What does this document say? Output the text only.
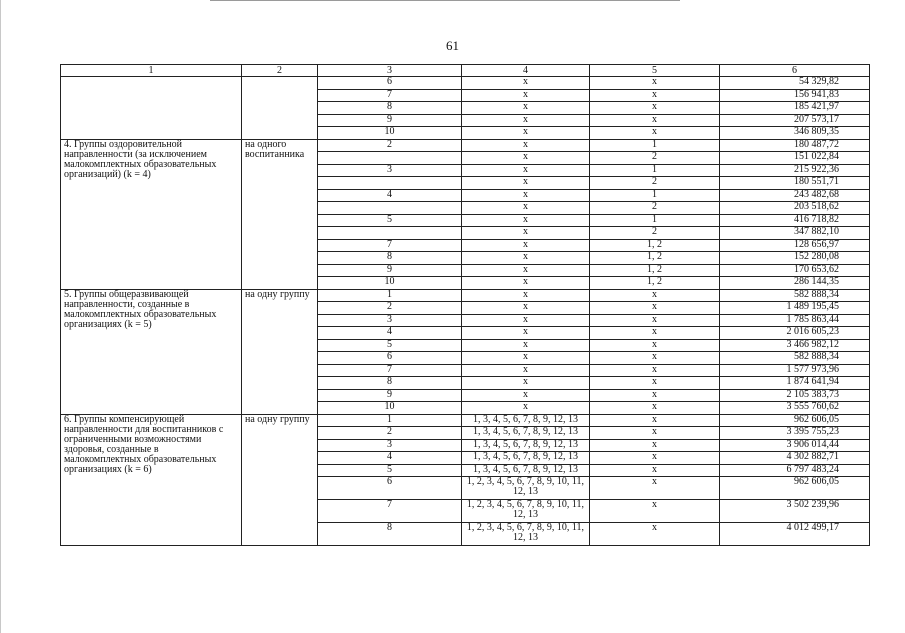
61
1	2	3	4	5	6
		6	x	x	54 329,82
		7	x	x	156 941,83
		8	x	x	185 421,97
		9	x	x	207 573,17
		10	x	x	346 809,35
4. Группы оздоровительной направленности (за исключением малокомплектных образовательных организаций) (k = 4)	на одного воспитанника	2	x	1	180 487,72
			x	2	151 022,84
		3	x	1	215 922,36
			x	2	180 551,71
		4	x	1	243 482,68
			x	2	203 518,62
		5	x	1	416 718,82
			x	2	347 882,10
		7	x	1, 2	128 656,97
		8	x	1, 2	152 280,08
		9	x	1, 2	170 653,62
		10	x	1, 2	286 144,35
5. Группы общеразвивающей направленности, созданные в малокомплектных образовательных организациях (k = 5)	на одну группу	1	x	x	582 888,34
		2	x	x	1 489 195,45
		3	x	x	1 785 863,44
		4	x	x	2 016 605,23
		5	x	x	3 466 982,12
		6	x	x	582 888,34
		7	x	x	1 577 973,96
		8	x	x	1 874 641,94
		9	x	x	2 105 383,73
		10	x	x	3 555 760,62
6. Группы компенсирующей направленности для воспитанников с ограниченными возможностями здоровья, созданные в малокомплектных образовательных организациях (k = 6)	на одну группу	1	1, 3, 4, 5, 6, 7, 8, 9, 12, 13	x	962 606,05
		2	1, 3, 4, 5, 6, 7, 8, 9, 12, 13	x	3 395 755,23
		3	1, 3, 4, 5, 6, 7, 8, 9, 12, 13	x	3 906 014,44
		4	1, 3, 4, 5, 6, 7, 8, 9, 12, 13	x	4 302 882,71
		5	1, 3, 4, 5, 6, 7, 8, 9, 12, 13	x	6 797 483,24
		6	1, 2, 3, 4, 5, 6, 7, 8, 9, 10, 11, 12, 13	x	962 606,05
		7	1, 2, 3, 4, 5, 6, 7, 8, 9, 10, 11, 12, 13	x	3 502 239,96
		8	1, 2, 3, 4, 5, 6, 7, 8, 9, 10, 11, 12, 13	x	4 012 499,17
